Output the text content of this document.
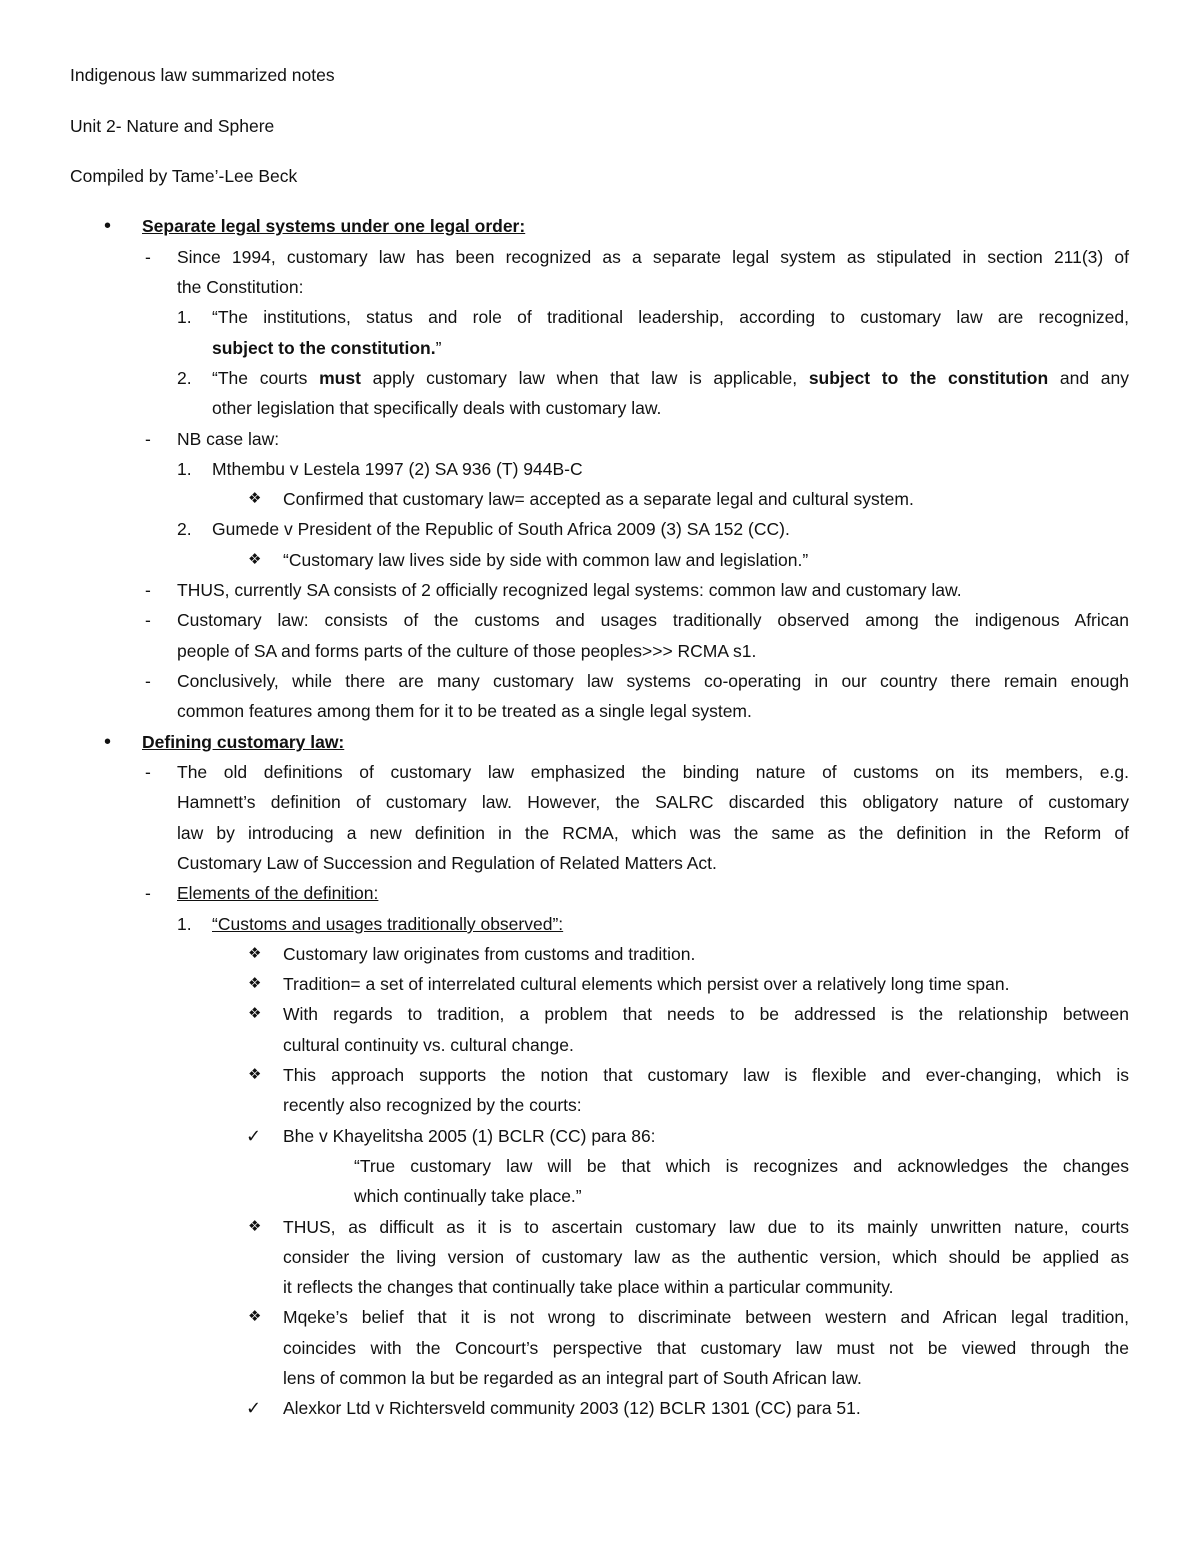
Indigenous law summarized notes
Unit 2- Nature and Sphere
Compiled by Tame’-Lee Beck
• Separate legal systems under one legal order:
- Since 1994, customary law has been recognized as a separate legal system as stipulated in section 211(3) of
the Constitution:
1. “The institutions, status and role of traditional leadership, according to customary law are recognized,
subject to the constitution.”
2. “The courts must apply customary law when that law is applicable, subject to the constitution and any
other legislation that specifically deals with customary law.
- NB case law:
1. Mthembu v Lestela 1997 (2) SA 936 (T) 944B-C
❖ Confirmed that customary law= accepted as a separate legal and cultural system.
2. Gumede v President of the Republic of South Africa 2009 (3) SA 152 (CC).
❖ “Customary law lives side by side with common law and legislation.”
- THUS, currently SA consists of 2 officially recognized legal systems: common law and customary law.
- Customary law: consists of the customs and usages traditionally observed among the indigenous African
people of SA and forms parts of the culture of those peoples>>> RCMA s1.
- Conclusively, while there are many customary law systems co-operating in our country there remain enough
common features among them for it to be treated as a single legal system.
• Defining customary law:
- The old definitions of customary law emphasized the binding nature of customs on its members, e.g.
Hamnett’s definition of customary law. However, the SALRC discarded this obligatory nature of customary
law by introducing a new definition in the RCMA, which was the same as the definition in the Reform of
Customary Law of Succession and Regulation of Related Matters Act.
- Elements of the definition:
1. “Customs and usages traditionally observed”:
❖ Customary law originates from customs and tradition.
❖ Tradition= a set of interrelated cultural elements which persist over a relatively long time span.
❖ With regards to tradition, a problem that needs to be addressed is the relationship between
cultural continuity vs. cultural change.
❖ This approach supports the notion that customary law is flexible and ever-changing, which is
recently also recognized by the courts:
✓ Bhe v Khayelitsha 2005 (1) BCLR (CC) para 86:
“True customary law will be that which is recognizes and acknowledges the changes
which continually take place.”
❖ THUS, as difficult as it is to ascertain customary law due to its mainly unwritten nature, courts
consider the living version of customary law as the authentic version, which should be applied as
it reflects the changes that continually take place within a particular community.
❖ Mqeke’s belief that it is not wrong to discriminate between western and African legal tradition,
coincides with the Concourt’s perspective that customary law must not be viewed through the
lens of common la but be regarded as an integral part of South African law.
✓ Alexkor Ltd v Richtersveld community 2003 (12) BCLR 1301 (CC) para 51.
